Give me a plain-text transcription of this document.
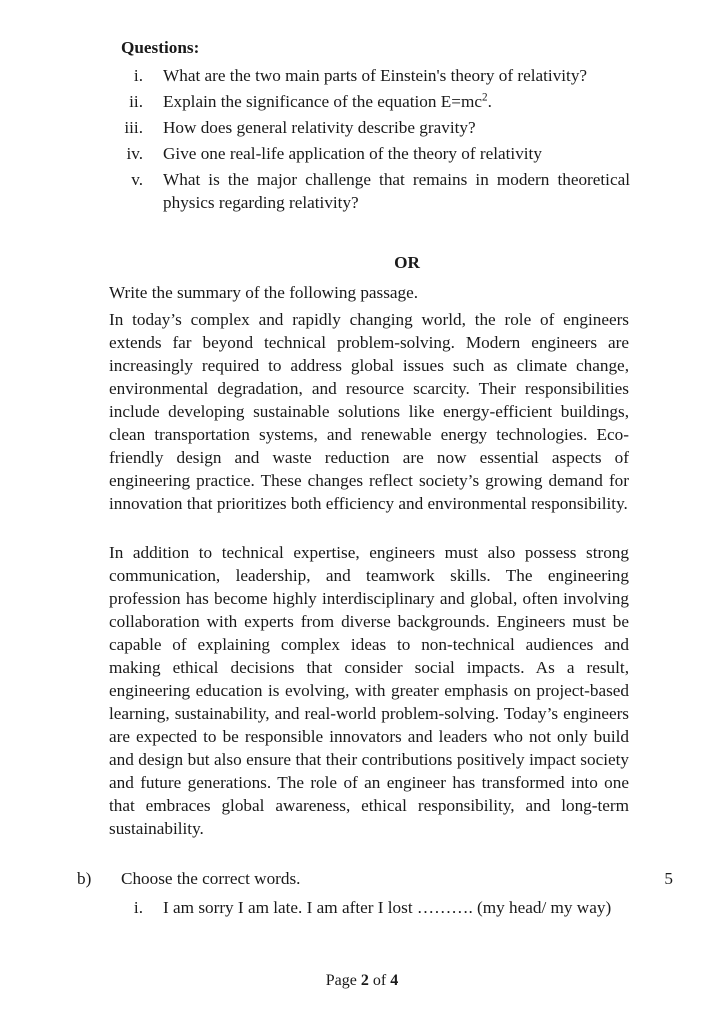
Questions:
i.	What are the two main parts of Einstein's theory of relativity?
ii.	Explain the significance of the equation $E=mc^2$.
iii.	How does general relativity describe gravity?
iv.	Give one real-life application of the theory of relativity
v.	What is the major challenge that remains in modern theoretical physics regarding relativity?
OR
Write the summary of the following passage.

In today’s complex and rapidly changing world, the role of engineers extends far beyond technical problem-solving. Modern engineers are increasingly required to address global issues such as climate change, environmental degradation, and resource scarcity. Their responsibilities include developing sustainable solutions like energy-efficient buildings, clean transportation systems, and renewable energy technologies. Eco-friendly design and waste reduction are now essential aspects of engineering practice. These changes reflect society’s growing demand for innovation that prioritizes both efficiency and environmental responsibility.

In addition to technical expertise, engineers must also possess strong communication, leadership, and teamwork skills. The engineering profession has become highly interdisciplinary and global, often involving collaboration with experts from diverse backgrounds. Engineers must be capable of explaining complex ideas to non-technical audiences and making ethical decisions that consider social impacts. As a result, engineering education is evolving, with greater emphasis on project-based learning, sustainability, and real-world problem-solving. Today’s engineers are expected to be responsible innovators and leaders who not only build and design but also ensure that their contributions positively impact society and future generations. The role of an engineer has transformed into one that embraces global awareness, ethical responsibility, and long-term sustainability.

b)	Choose the correct words.	5
i.	I am sorry I am late. I am after I lost ………. (my head/ my way)
Page 2 of 4
